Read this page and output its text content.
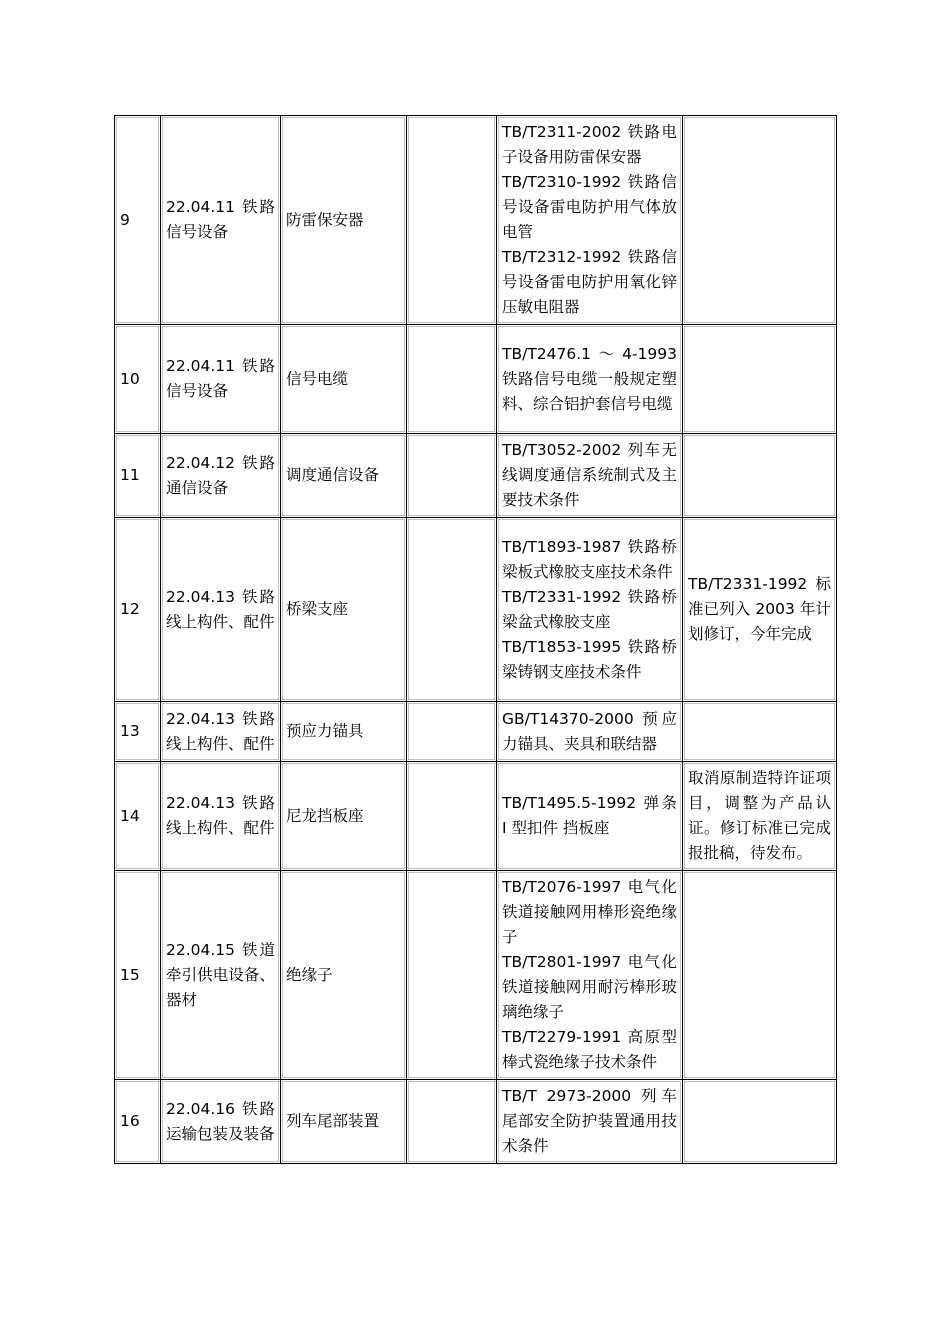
9	22.04.11 铁路信号设备	防雷保安器		TB/T2311-2002 铁路电子设备用防雷保安器
TB/T2310-1992 铁路信号设备雷电防护用气体放电管
TB/T2312-1992 铁路信号设备雷电防护用氧化锌压敏电阻器	

10	22.04.11 铁路信号设备	信号电缆		TB/T2476.1～4-1993 铁路信号电缆一般规定塑料、综合铝护套信号电缆	

11	22.04.12 铁路通信设备	调度通信设备		TB/T3052-2002 列车无线调度通信系统制式及主要技术条件	

12	22.04.13 铁路线上构件、配件	桥梁支座		TB/T1893-1987 铁路桥梁板式橡胶支座技术条件
TB/T2331-1992 铁路桥梁盆式橡胶支座
TB/T1853-1995 铁路桥梁铸钢支座技术条件	TB/T2331-1992 标准已列入 2003 年计划修订，今年完成
13	22.04.13 铁路线上构件、配件	预应力锚具		GB/T14370-2000 预应力锚具、夹具和联结器	

14	22.04.13 铁路线上构件、配件	尼龙挡板座		TB/T1495.5-1992 弹条 I 型扣件 挡板座	取消原制造特许证项目，调整为产品认证。修订标准已完成报批稿，待发布。
15	22.04.15 铁道牵引供电设备、器材	绝缘子		TB/T2076-1997 电气化铁道接触网用棒形瓷绝缘子
TB/T2801-1997 电气化铁道接触网用耐污棒形玻璃绝缘子
TB/T2279-1991 高原型棒式瓷绝缘子技术条件	

16	22.04.16 铁路运输包装及装备	列车尾部装置		TB/T 2973-2000 列车尾部安全防护装置通用技术条件	
